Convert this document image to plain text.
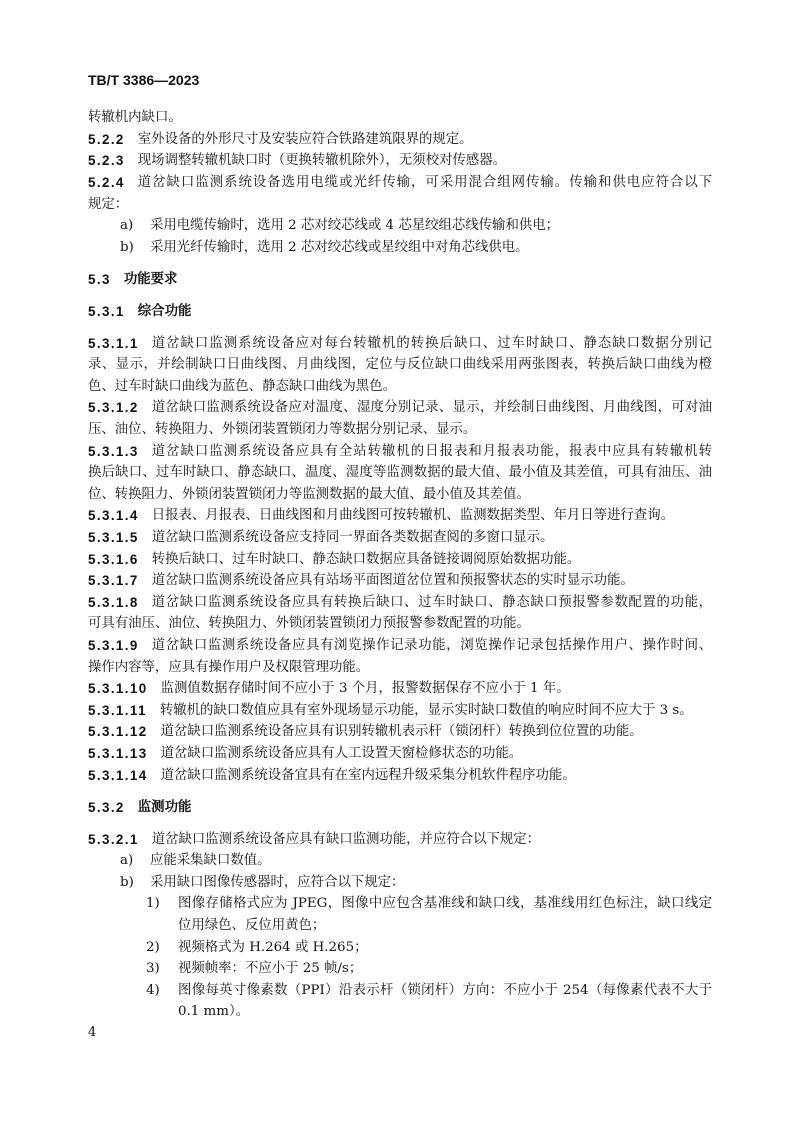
TB/T 3386—2023
转辙机内缺口。
5.2.2 室外设备的外形尺寸及安装应符合铁路建筑限界的规定。
5.2.3 现场调整转辙机缺口时（更换转辙机除外），无须校对传感器。
5.2.4 道岔缺口监测系统设备选用电缆或光纤传输，可采用混合组网传输。传输和供电应符合以下
规定：
a)	采用电缆传输时，选用 2 芯对绞芯线或 4 芯星绞组芯线传输和供电；
b)	采用光纤传输时，选用 2 芯对绞芯线或星绞组中对角芯线供电。
5.3 功能要求
5.3.1 综合功能
5.3.1.1 道岔缺口监测系统设备应对每台转辙机的转换后缺口、过车时缺口、静态缺口数据分别记
录、显示，并绘制缺口日曲线图、月曲线图，定位与反位缺口曲线采用两张图表，转换后缺口曲线为橙
色、过车时缺口曲线为蓝色、静态缺口曲线为黑色。
5.3.1.2 道岔缺口监测系统设备应对温度、湿度分别记录、显示，并绘制日曲线图、月曲线图，可对油
压、油位、转换阻力、外锁闭装置锁闭力等数据分别记录、显示。
5.3.1.3 道岔缺口监测系统设备应具有全站转辙机的日报表和月报表功能，报表中应具有转辙机转
换后缺口、过车时缺口、静态缺口、温度、湿度等监测数据的最大值、最小值及其差值，可具有油压、油
位、转换阻力、外锁闭装置锁闭力等监测数据的最大值、最小值及其差值。
5.3.1.4 日报表、月报表、日曲线图和月曲线图可按转辙机、监测数据类型、年月日等进行查询。
5.3.1.5 道岔缺口监测系统设备应支持同一界面各类数据查阅的多窗口显示。
5.3.1.6 转换后缺口、过车时缺口、静态缺口数据应具备链接调阅原始数据功能。
5.3.1.7 道岔缺口监测系统设备应具有站场平面图道岔位置和预报警状态的实时显示功能。
5.3.1.8 道岔缺口监测系统设备应具有转换后缺口、过车时缺口、静态缺口预报警参数配置的功能，
可具有油压、油位、转换阻力、外锁闭装置锁闭力预报警参数配置的功能。
5.3.1.9 道岔缺口监测系统设备应具有浏览操作记录功能，浏览操作记录包括操作用户、操作时间、
操作内容等，应具有操作用户及权限管理功能。
5.3.1.10 监测值数据存储时间不应小于 3 个月，报警数据保存不应小于 1 年。
5.3.1.11 转辙机的缺口数值应具有室外现场显示功能，显示实时缺口数值的响应时间不应大于 3 s。
5.3.1.12 道岔缺口监测系统设备应具有识别转辙机表示杆（锁闭杆）转换到位位置的功能。
5.3.1.13 道岔缺口监测系统设备应具有人工设置天窗检修状态的功能。
5.3.1.14 道岔缺口监测系统设备宜具有在室内远程升级采集分机软件程序功能。
5.3.2 监测功能
5.3.2.1 道岔缺口监测系统设备应具有缺口监测功能，并应符合以下规定：
a)	应能采集缺口数值。
b)	采用缺口图像传感器时，应符合以下规定：
1)	图像存储格式应为 JPEG，图像中应包含基准线和缺口线，基准线用红色标注，缺口线定
位用绿色、反位用黄色；
2)	视频格式为 H.264 或 H.265；
3)	视频帧率：不应小于 25 帧/s；
4)	图像每英寸像素数（PPI）沿表示杆（锁闭杆）方向：不应小于 254（每像素代表不大于
0.1 mm）。
4
